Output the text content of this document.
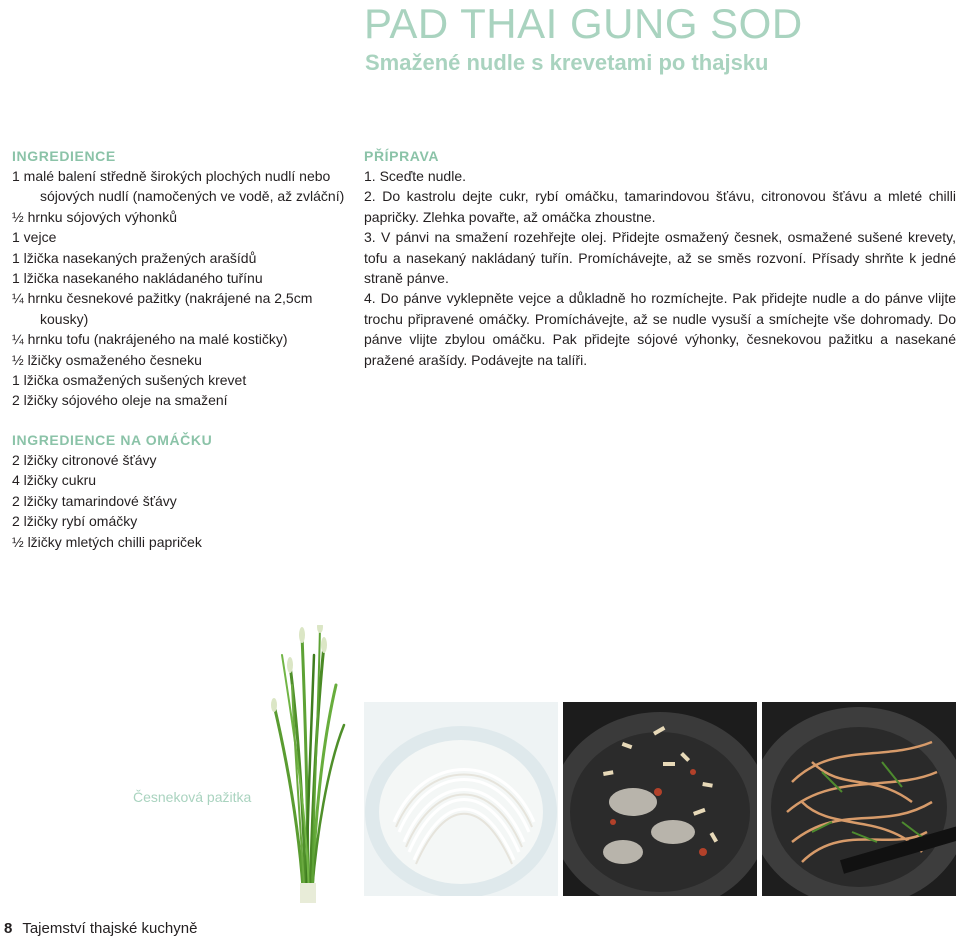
PAD THAI GUNG SOD
Smažené nudle s krevetami po thajsku
INGREDIENCE
1 malé balení středně širokých plochých nudlí nebo sójových nudlí (namočených ve vodě, až zvláční)
½ hrnku sójových výhonků
1 vejce
1 lžička nasekaných pražených arašídů
1 lžička nasekaného nakládaného tuřínu
¼ hrnku česnekové pažitky (nakrájené na 2,5cm kousky)
¼ hrnku tofu (nakrájeného na malé kostičky)
½ lžičky osmaženého česneku
1 lžička osmažených sušených krevet
2 lžičky sójového oleje na smažení
INGREDIENCE NA OMÁČKU
2 lžičky citronové šťávy
4 lžičky cukru
2 lžičky tamarindové šťávy
2 lžičky rybí omáčky
½ lžičky mletých chilli papriček
PŘÍPRAVA
1. Sceďte nudle.
2. Do kastrolu dejte cukr, rybí omáčku, tamarindovou šťávu, citronovou šťávu a mleté chilli papričky. Zlehka povařte, až omáčka zhoustne.
3. V pánvi na smažení rozehřejte olej. Přidejte osmažený česnek, osmažené sušené krevety, tofu a nasekaný nakládaný tuřín. Promíchávejte, až se směs rozvoní. Přísady shrňte k jedné straně pánve.
4. Do pánve vyklepněte vejce a důkladně ho rozmíchejte. Pak přidejte nudle a do pánve vlijte trochu připravené omáčky. Promíchávejte, až se nudle vysuší a smíchejte vše dohromady. Do pánve vlijte zbylou omáčku. Pak přidejte sójové výhonky, česnekovou pažitku a nasekané pražené arašídy. Podávejte na talíři.
Česneková pažitka
8 Tajemství thajské kuchyně
